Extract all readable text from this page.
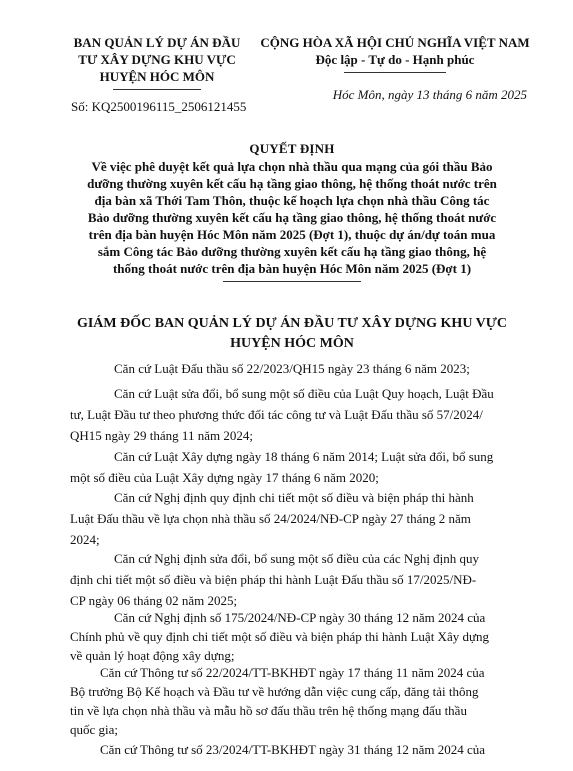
BAN QUẢN LÝ DỰ ÁN ĐẦU
TƯ XÂY DỰNG KHU VỰC
HUYỆN HÓC MÔN
CỘNG HÒA XÃ HỘI CHỦ NGHĨA VIỆT NAM
Độc lập - Tự do - Hạnh phúc
Hóc Môn, ngày 13 tháng 6 năm 2025
Số: KQ2500196115_2506121455
QUYẾT ĐỊNH
Về việc phê duyệt kết quả lựa chọn nhà thầu qua mạng của gói thầu Bảo
dưỡng thường xuyên kết cấu hạ tầng giao thông, hệ thống thoát nước trên
địa bàn xã Thới Tam Thôn, thuộc kế hoạch lựa chọn nhà thầu Công tác
Bảo dưỡng thường xuyên kết cấu hạ tầng giao thông, hệ thống thoát nước
trên địa bàn huyện Hóc Môn năm 2025 (Đợt 1), thuộc dự án/dự toán mua
sắm Công tác Bảo dưỡng thường xuyên kết cấu hạ tầng giao thông, hệ
thống thoát nước trên địa bàn huyện Hóc Môn năm 2025 (Đợt 1)
GIÁM ĐỐC BAN QUẢN LÝ DỰ ÁN ĐẦU TƯ XÂY DỰNG KHU VỰC
HUYỆN HÓC MÔN
Căn cứ Luật Đấu thầu số 22/2023/QH15 ngày 23 tháng 6 năm 2023;
Căn cứ Luật sửa đổi, bổ sung một số điều của Luật Quy hoạch, Luật Đầu
tư, Luật Đầu tư theo phương thức đối tác công tư và Luật Đấu thầu số 57/2024/
QH15 ngày 29 tháng 11 năm 2024;
Căn cứ Luật Xây dựng ngày 18 tháng 6 năm 2014; Luật sửa đổi, bổ sung
một số điều của Luật Xây dựng ngày 17 tháng 6 năm 2020;
Căn cứ Nghị định quy định chi tiết một số điều và biện pháp thi hành
Luật Đấu thầu về lựa chọn nhà thầu số 24/2024/NĐ-CP ngày 27 tháng 2 năm
2024;
Căn cứ Nghị định sửa đổi, bổ sung một số điều của các Nghị định quy
định chi tiết một số điều và biện pháp thi hành Luật Đấu thầu số 17/2025/NĐ-
CP ngày 06 tháng 02 năm 2025;
Căn cứ Nghị định số 175/2024/NĐ-CP ngày 30 tháng 12 năm 2024 của
Chính phủ về quy định chi tiết một số điều và biện pháp thi hành Luật Xây dựng
về quản lý hoạt động xây dựng;
Căn cứ Thông tư số 22/2024/TT-BKHĐT ngày 17 tháng 11 năm 2024 của
Bộ trưởng Bộ Kế hoạch và Đầu tư về hướng dẫn việc cung cấp, đăng tải thông
tin về lựa chọn nhà thầu và mẫu hồ sơ đấu thầu trên hệ thống mạng đấu thầu
quốc gia;
Căn cứ Thông tư số 23/2024/TT-BKHĐT ngày 31 tháng 12 năm 2024 của
